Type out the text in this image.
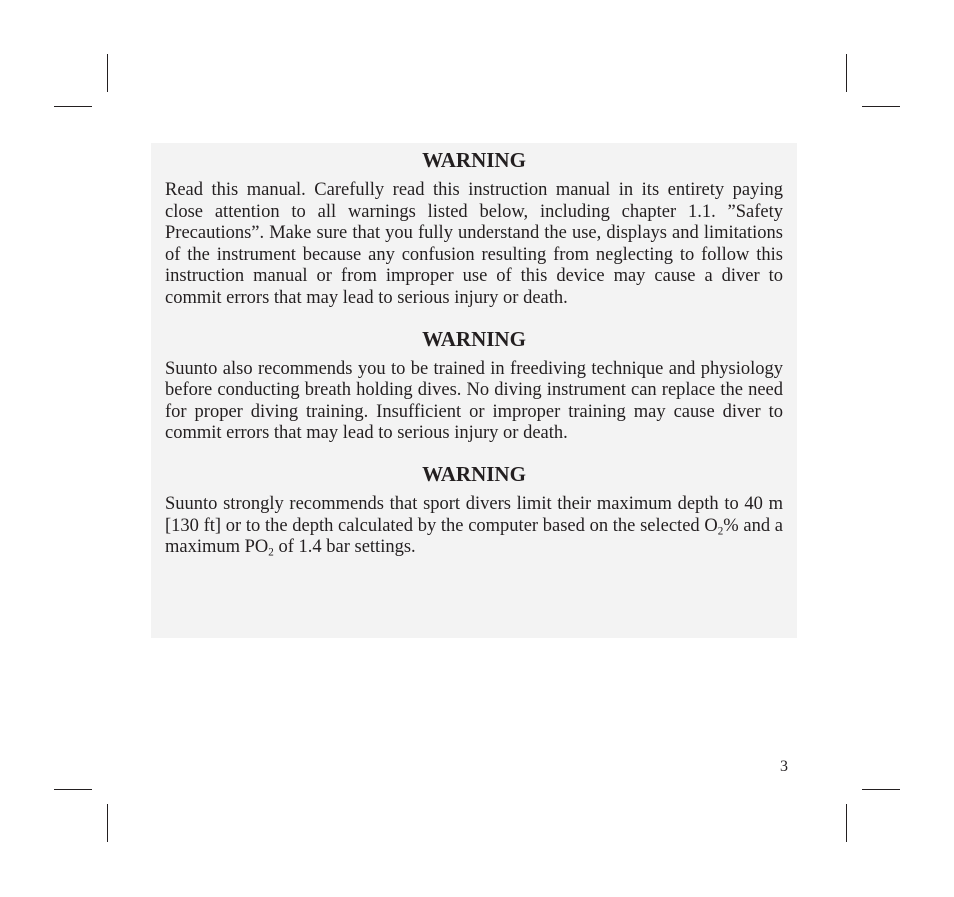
WARNING

Read this manual. Carefully read this instruction manual in its entirety paying close attention to all warnings listed below, including chapter 1.1. ”Safety Precautions”. Make sure that you fully understand the use, displays and limitations of the instrument because any confusion resulting from neglecting to follow this instruction manual or from improper use of this device may cause a diver to commit errors that may lead to serious injury or death.

WARNING

Suunto also recommends you to be trained in freediving technique and physiology before conducting breath holding dives. No diving instrument can replace the need for proper diving training. Insufficient or improper training may cause diver to commit errors that may lead to serious injury or death.

WARNING

Suunto strongly recommends that sport divers limit their maximum depth to 40 m [130 ft] or to the depth calculated by the computer based on the selected $O_2\%$ and a maximum $PO_2$ of 1.4 bar settings.

3
